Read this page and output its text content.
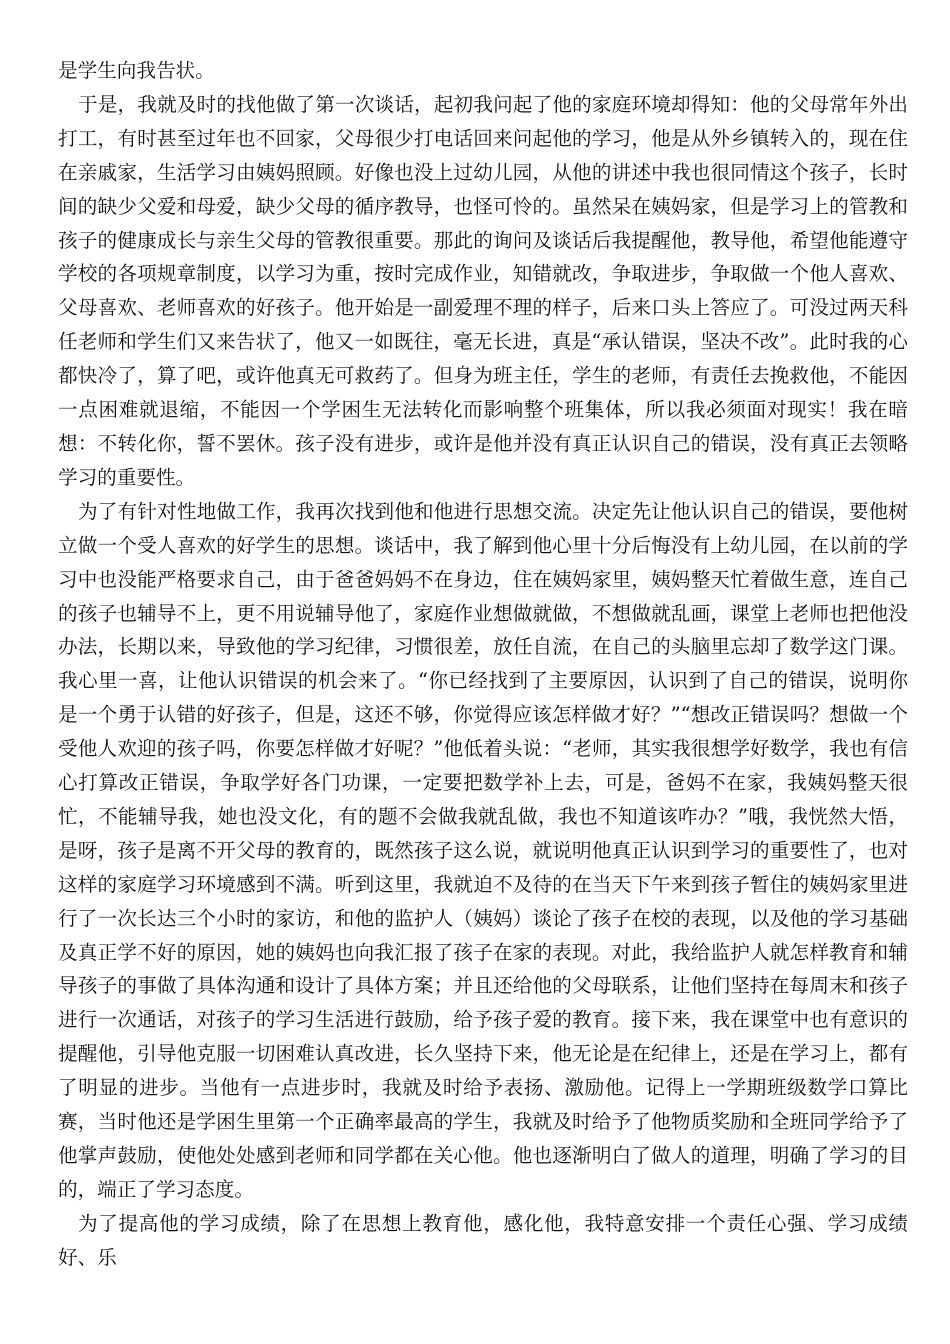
是学生向我告状。

于是，我就及时的找他做了第一次谈话，起初我问起了他的家庭环境却得知：他的父母常年外出打工，有时甚至过年也不回家，父母很少打电话回来问起他的学习，他是从外乡镇转入的，现在住在亲戚家，生活学习由姨妈照顾。好像也没上过幼儿园，从他的讲述中我也很同情这个孩子，长时间的缺少父爱和母爱，缺少父母的循序教导，也怪可怜的。虽然呆在姨妈家，但是学习上的管教和孩子的健康成长与亲生父母的管教很重要。那此的询问及谈话后我提醒他，教导他，希望他能遵守学校的各项规章制度，以学习为重，按时完成作业，知错就改，争取进步，争取做一个他人喜欢、父母喜欢、老师喜欢的好孩子。他开始是一副爱理不理的样子，后来口头上答应了。可没过两天科任老师和学生们又来告状了，他又一如既往，毫无长进，真是“承认错误，坚决不改”。此时我的心都快冷了，算了吧，或许他真无可救药了。但身为班主任，学生的老师，有责任去挽救他，不能因一点困难就退缩，不能因一个学困生无法转化而影响整个班集体，所以我必须面对现实！我在暗想：不转化你，誓不罢休。孩子没有进步，或许是他并没有真正认识自己的错误，没有真正去领略学习的重要性。

为了有针对性地做工作，我再次找到他和他进行思想交流。决定先让他认识自己的错误，要他树立做一个受人喜欢的好学生的思想。谈话中，我了解到他心里十分后悔没有上幼儿园，在以前的学习中也没能严格要求自己，由于爸爸妈妈不在身边，住在姨妈家里，姨妈整天忙着做生意，连自己的孩子也辅导不上，更不用说辅导他了，家庭作业想做就做，不想做就乱画，课堂上老师也把他没办法，长期以来，导致他的学习纪律，习惯很差，放任自流，在自己的头脑里忘却了数学这门课。我心里一喜，让他认识错误的机会来了。“你已经找到了主要原因，认识到了自己的错误，说明你是一个勇于认错的好孩子，但是，这还不够，你觉得应该怎样做才好？”“想改正错误吗？想做一个受他人欢迎的孩子吗，你要怎样做才好呢？”他低着头说：“老师，其实我很想学好数学，我也有信心打算改正错误，争取学好各门功课，一定要把数学补上去，可是，爸妈不在家，我姨妈整天很忙，不能辅导我，她也没文化，有的题不会做我就乱做，我也不知道该咋办？”哦，我恍然大悟，是呀，孩子是离不开父母的教育的，既然孩子这么说，就说明他真正认识到学习的重要性了，也对这样的家庭学习环境感到不满。听到这里，我就迫不及待的在当天下午来到孩子暂住的姨妈家里进行了一次长达三个小时的家访，和他的监护人（姨妈）谈论了孩子在校的表现，以及他的学习基础及真正学不好的原因，她的姨妈也向我汇报了孩子在家的表现。对此，我给监护人就怎样教育和辅导孩子的事做了具体沟通和设计了具体方案；并且还给他的父母联系，让他们坚持在每周末和孩子进行一次通话，对孩子的学习生活进行鼓励，给予孩子爱的教育。接下来，我在课堂中也有意识的提醒他，引导他克服一切困难认真改进，长久坚持下来，他无论是在纪律上，还是在学习上，都有了明显的进步。当他有一点进步时，我就及时给予表扬、激励他。记得上一学期班级数学口算比赛，当时他还是学困生里第一个正确率最高的学生，我就及时给予了他物质奖励和全班同学给予了他掌声鼓励，使他处处感到老师和同学都在关心他。他也逐渐明白了做人的道理，明确了学习的目的，端正了学习态度。

为了提高他的学习成绩，除了在思想上教育他，感化他，我特意安排一个责任心强、学习成绩好、乐
